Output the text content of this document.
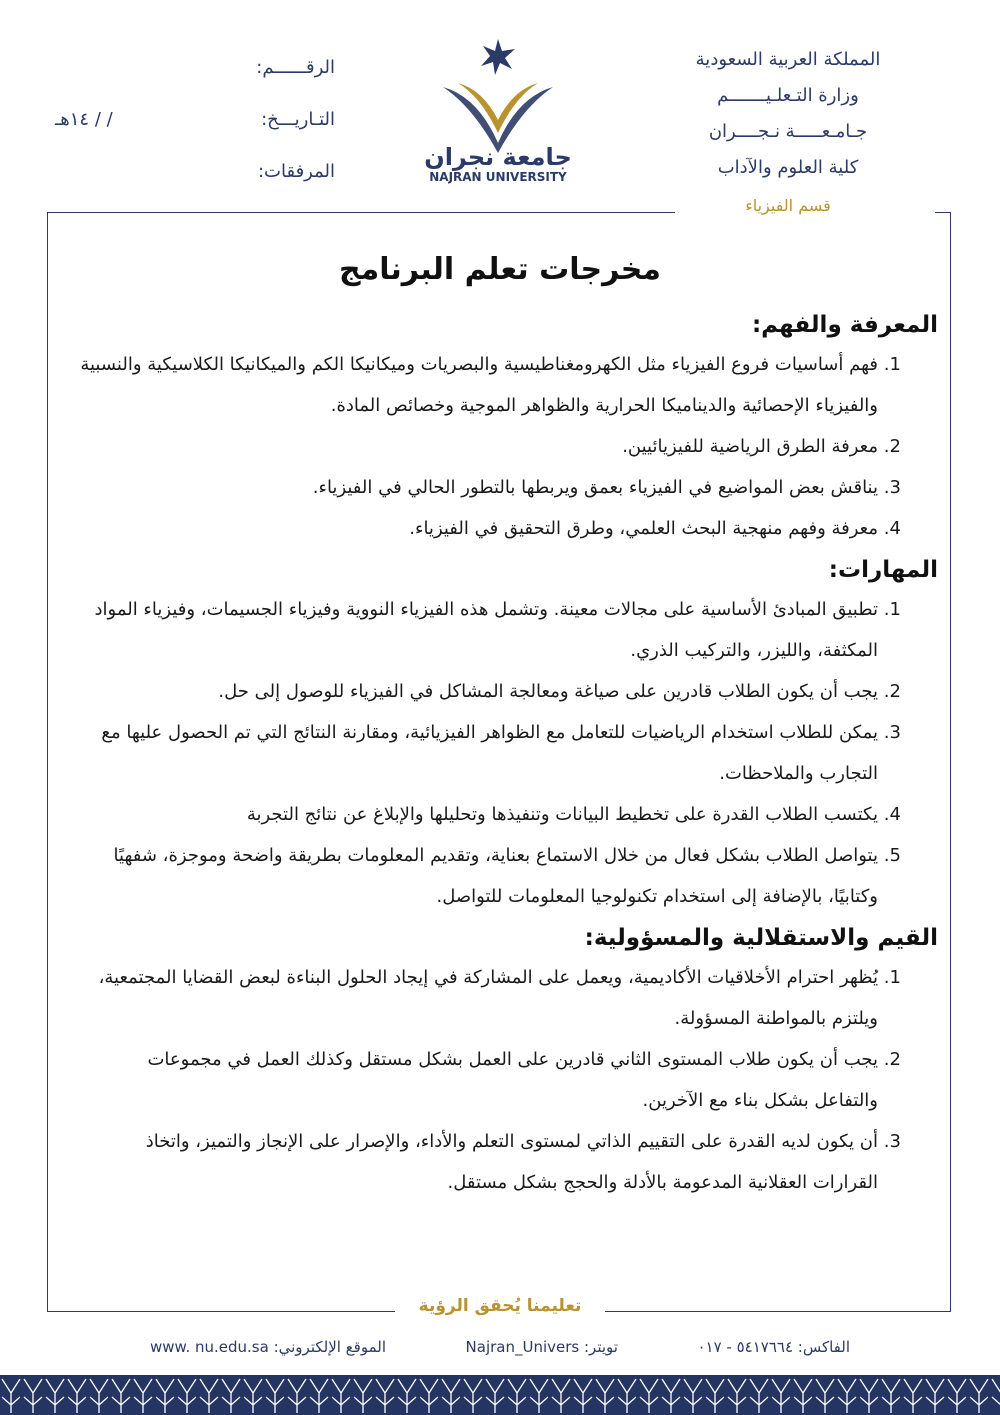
المملكة العربية السعودية
وزارة التـعلـيـــــــم
جـامـعـــــة نـجــــران
كلية العلوم والآداب
قسم الفيزياء
جامعة نجران
NAJRAN UNIVERSITY
الرقــــــم:
التـاريـــخ:
/ / ١٤هـ
المرفقات:
تعليمنا يُحقق الرؤية
مخرجات تعلم البرنامج
المعرفة والفهم:
1. فهم أساسيات فروع الفيزياء مثل الكهرومغناطيسية والبصريات وميكانيكا الكم والميكانيكا الكلاسيكية والنسبية والفيزياء الإحصائية والديناميكا الحرارية والظواهر الموجية وخصائص المادة.
2. معرفة الطرق الرياضية للفيزيائيين.
3. يناقش بعض المواضيع في الفيزياء بعمق ويربطها بالتطور الحالي في الفيزياء.
4. معرفة وفهم منهجية البحث العلمي، وطرق التحقيق في الفيزياء.
المهارات:
1. تطبيق المبادئ الأساسية على مجالات معينة. وتشمل هذه الفيزياء النووية وفيزياء الجسيمات، وفيزياء المواد المكثفة، والليزر، والتركيب الذري.
2. يجب أن يكون الطلاب قادرين على صياغة ومعالجة المشاكل في الفيزياء للوصول إلى حل.
3. يمكن للطلاب استخدام الرياضيات للتعامل مع الظواهر الفيزيائية، ومقارنة النتائج التي تم الحصول عليها مع التجارب والملاحظات.
4. يكتسب الطلاب القدرة على تخطيط البيانات وتنفيذها وتحليلها والإبلاغ عن نتائج التجربة
5. يتواصل الطلاب بشكل فعال من خلال الاستماع بعناية، وتقديم المعلومات بطريقة واضحة وموجزة، شفهيًا وكتابيًا، بالإضافة إلى استخدام تكنولوجيا المعلومات للتواصل.
القيم والاستقلالية والمسؤولية:
1. يُظهر احترام الأخلاقيات الأكاديمية، ويعمل على المشاركة في إيجاد الحلول البناءة لبعض القضايا المجتمعية، ويلتزم بالمواطنة المسؤولة.
2. يجب أن يكون طلاب المستوى الثاني قادرين على العمل بشكل مستقل وكذلك العمل في مجموعات والتفاعل بشكل بناء مع الآخرين.
3. أن يكون لديه القدرة على التقييم الذاتي لمستوى التعلم والأداء، والإصرار على الإنجاز والتميز، واتخاذ القرارات العقلانية المدعومة بالأدلة والحجج بشكل مستقل.
الفاكس: ٥٤١٧٦٦٤ - ٠١٧
تويتر: Najran_Univers
الموقع الإلكتروني: www. nu.edu.sa
